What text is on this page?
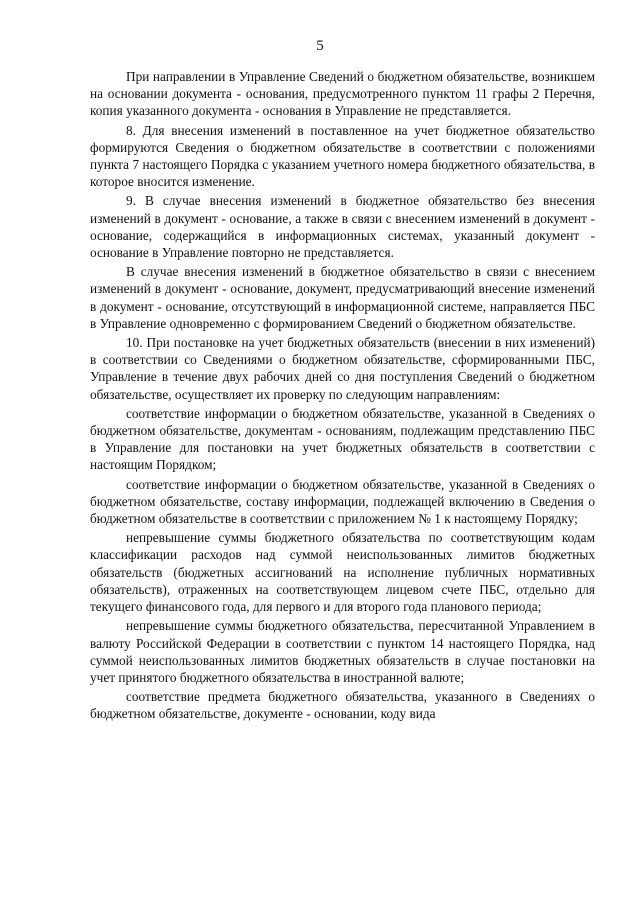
5

При направлении в Управление Сведений о бюджетном обязательстве, возникшем на основании документа - основания, предусмотренного пунктом 11 графы 2 Перечня, копия указанного документа - основания в Управление не представляется.

8. Для внесения изменений в поставленное на учет бюджетное обязательство формируются Сведения о бюджетном обязательстве в соответствии с положениями пункта 7 настоящего Порядка с указанием учетного номера бюджетного обязательства, в которое вносится изменение.

9. В случае внесения изменений в бюджетное обязательство без внесения изменений в документ - основание, а также в связи с внесением изменений в документ - основание, содержащийся в информационных системах, указанный документ - основание в Управление повторно не представляется.

В случае внесения изменений в бюджетное обязательство в связи с внесением изменений в документ - основание, документ, предусматривающий внесение изменений в документ - основание, отсутствующий в информационной системе, направляется ПБС в Управление одновременно с формированием Сведений о бюджетном обязательстве.

10. При постановке на учет бюджетных обязательств (внесении в них изменений) в соответствии со Сведениями о бюджетном обязательстве, сформированными ПБС, Управление в течение двух рабочих дней со дня поступления Сведений о бюджетном обязательстве, осуществляет их проверку по следующим направлениям:

соответствие информации о бюджетном обязательстве, указанной в Сведениях о бюджетном обязательстве, документам - основаниям, подлежащим представлению ПБС в Управление для постановки на учет бюджетных обязательств в соответствии с настоящим Порядком;

соответствие информации о бюджетном обязательстве, указанной в Сведениях о бюджетном обязательстве, составу информации, подлежащей включению в Сведения о бюджетном обязательстве в соответствии с приложением № 1 к настоящему Порядку;

непревышение суммы бюджетного обязательства по соответствующим кодам классификации расходов над суммой неиспользованных лимитов бюджетных обязательств (бюджетных ассигнований на исполнение публичных нормативных обязательств), отраженных на соответствующем лицевом счете ПБС, отдельно для текущего финансового года, для первого и для второго года планового периода;

непревышение суммы бюджетного обязательства, пересчитанной Управлением в валюту Российской Федерации в соответствии с пунктом 14 настоящего Порядка, над суммой неиспользованных лимитов бюджетных обязательств в случае постановки на учет принятого бюджетного обязательства в иностранной валюте;

соответствие предмета бюджетного обязательства, указанного в Сведениях о бюджетном обязательстве, документе - основании, коду вида
